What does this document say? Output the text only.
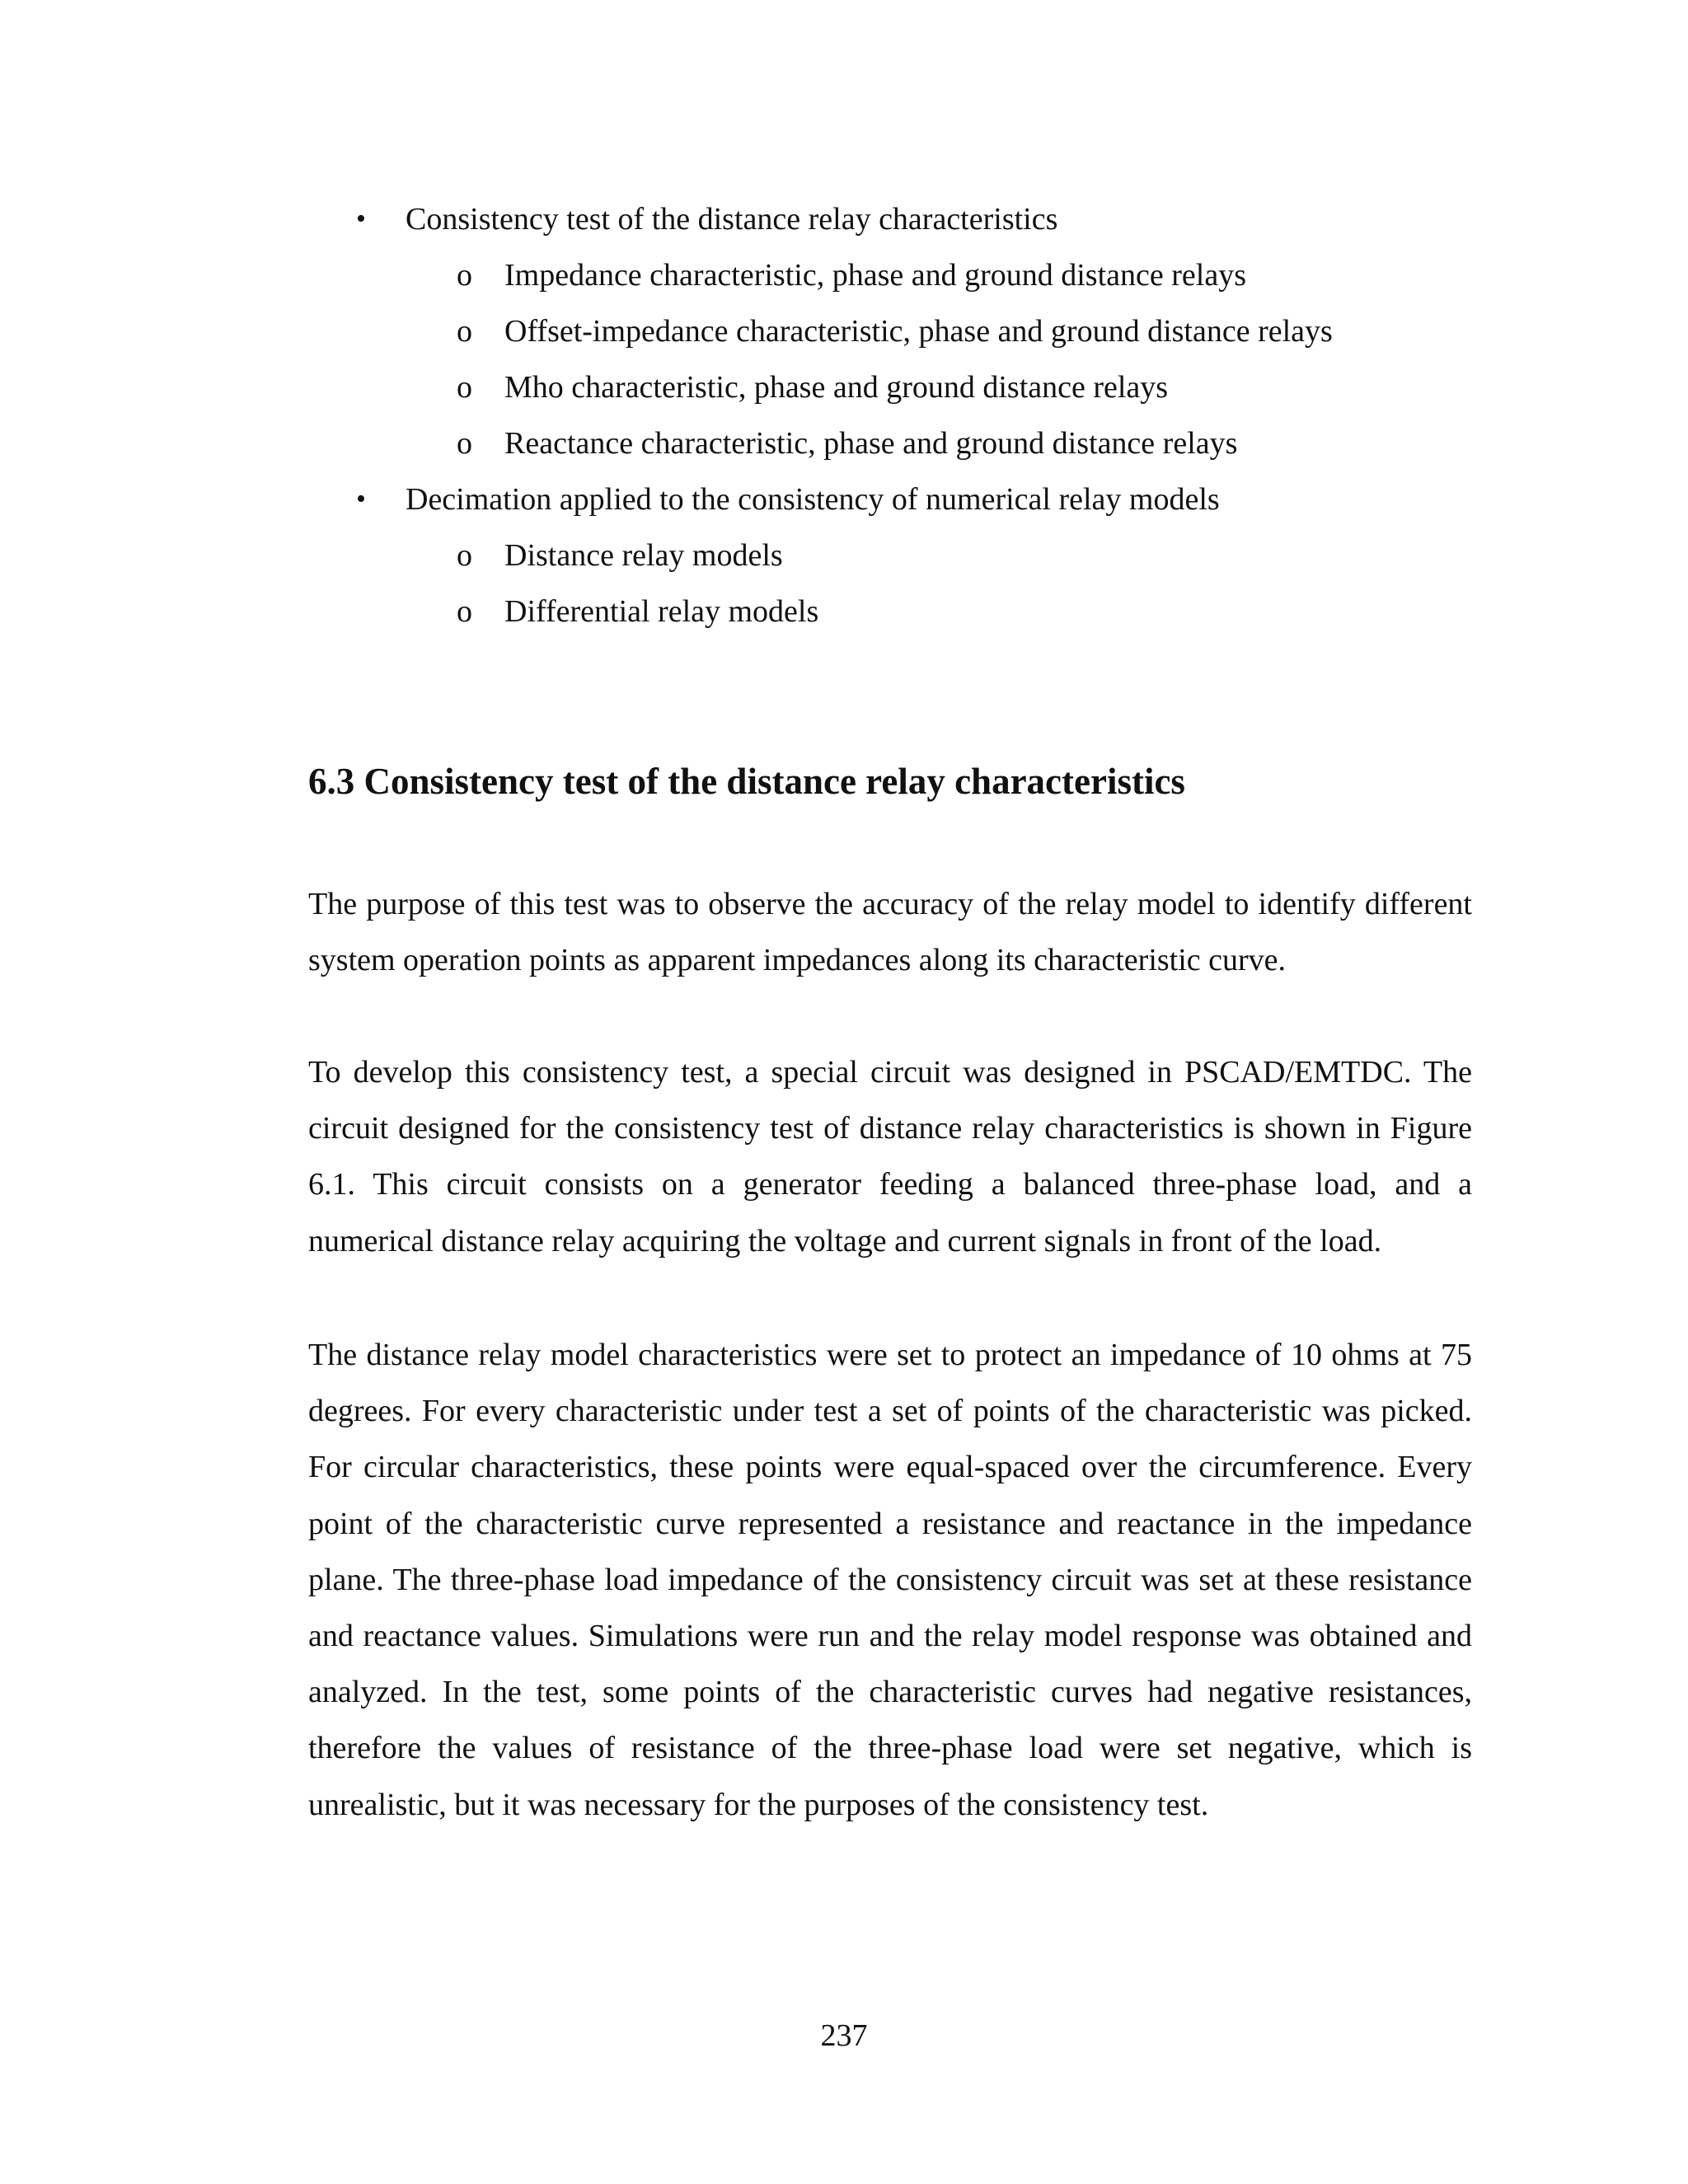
•	Consistency test of the distance relay characteristics
o Impedance characteristic, phase and ground distance relays
o Offset-impedance characteristic, phase and ground distance relays
o Mho characteristic, phase and ground distance relays
o Reactance characteristic, phase and ground distance relays
•	Decimation applied to the consistency of numerical relay models
o Distance relay models
o Differential relay models
6.3 Consistency test of the distance relay characteristics

The purpose of this test was to observe the accuracy of the relay model to identify different system operation points as apparent impedances along its characteristic curve.

To develop this consistency test, a special circuit was designed in PSCAD/EMTDC. The circuit designed for the consistency test of distance relay characteristics is shown in Figure 6.1. This circuit consists on a generator feeding a balanced three-phase load, and a numerical distance relay acquiring the voltage and current signals in front of the load.

The distance relay model characteristics were set to protect an impedance of 10 ohms at 75 degrees. For every characteristic under test a set of points of the characteristic was picked. For circular characteristics, these points were equal-spaced over the circumference. Every point of the characteristic curve represented a resistance and reactance in the impedance plane. The three-phase load impedance of the consistency circuit was set at these resistance and reactance values. Simulations were run and the relay model response was obtained and analyzed. In the test, some points of the characteristic curves had negative resistances, therefore the values of resistance of the three-phase load were set negative, which is unrealistic, but it was necessary for the purposes of the consistency test.

237
